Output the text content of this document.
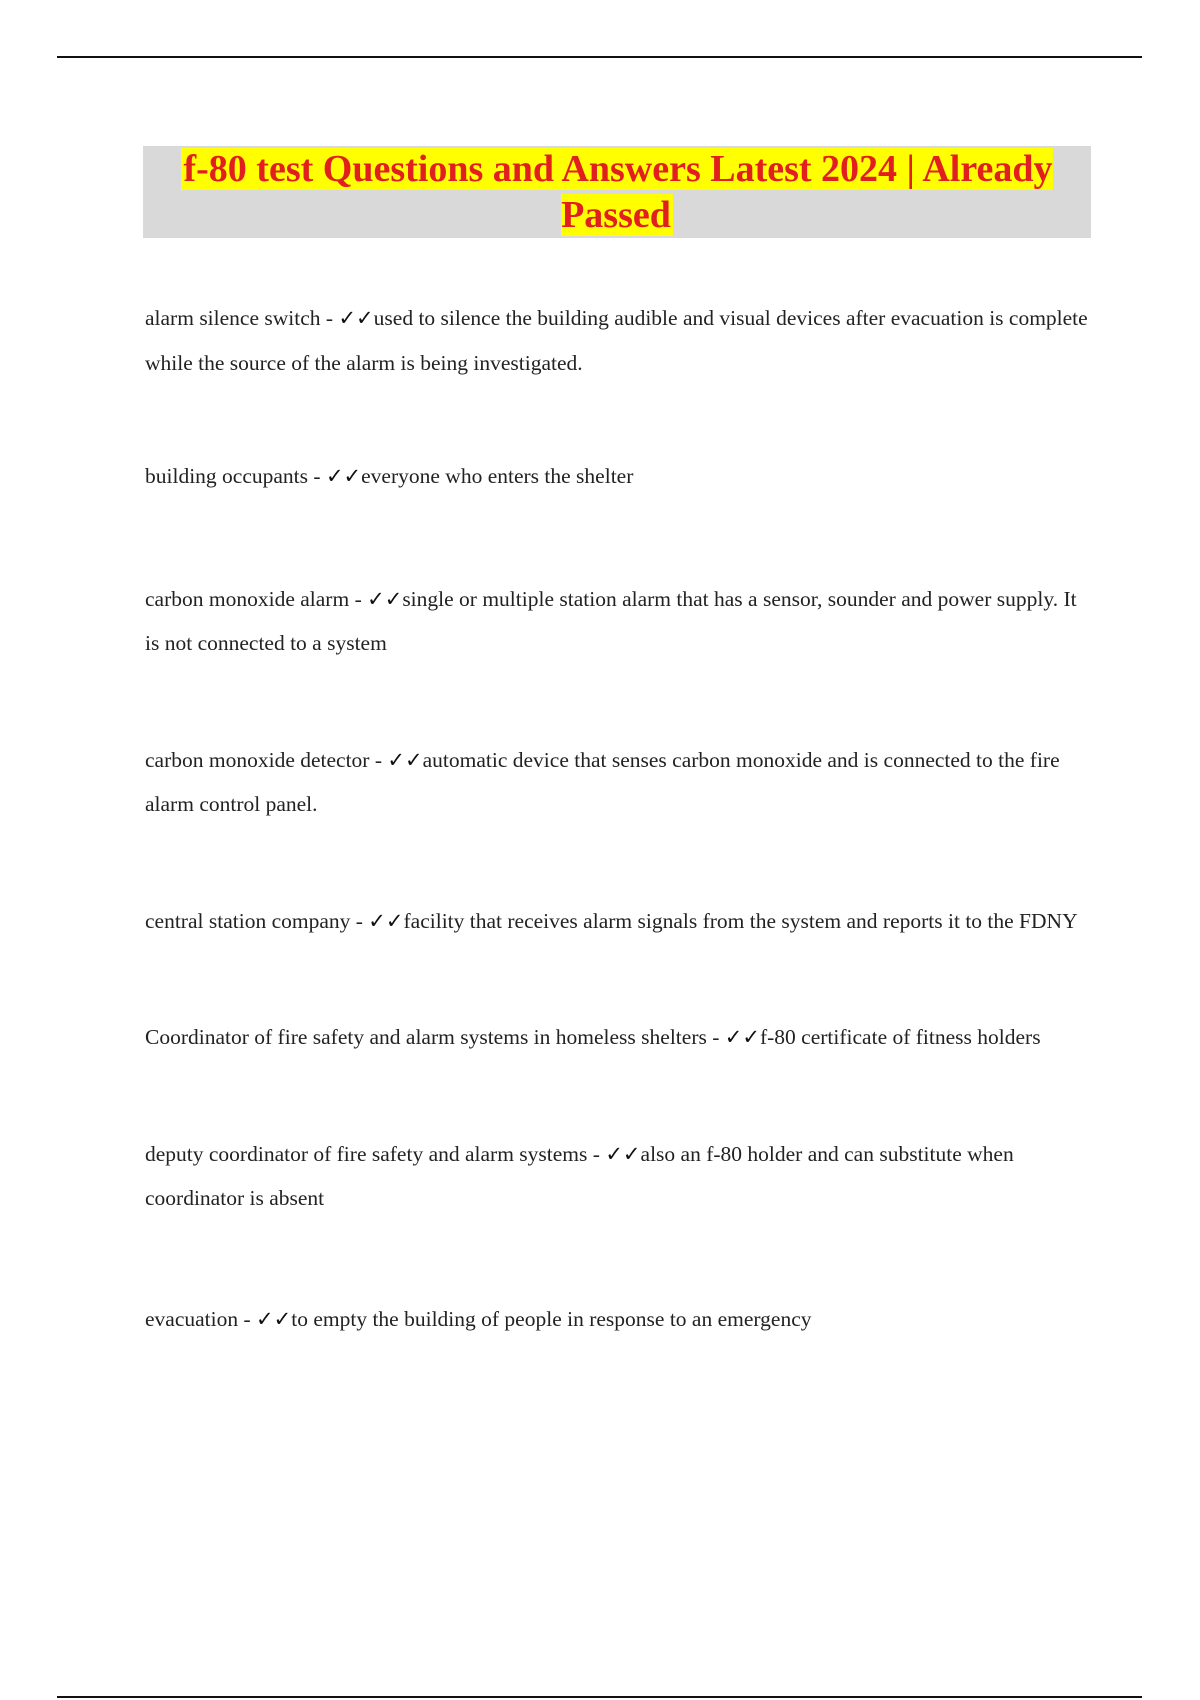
f-80 test Questions and Answers Latest 2024 | Already Passed
alarm silence switch - ✓✓used to silence the building audible and visual devices after evacuation is complete while the source of the alarm is being investigated.
building occupants - ✓✓everyone who enters the shelter
carbon monoxide alarm - ✓✓single or multiple station alarm that has a sensor, sounder and power supply. It is not connected to a system
carbon monoxide detector - ✓✓automatic device that senses carbon monoxide and is connected to the fire alarm control panel.
central station company - ✓✓facility that receives alarm signals from the system and reports it to the FDNY
Coordinator of fire safety and alarm systems in homeless shelters - ✓✓f-80 certificate of fitness holders
deputy coordinator of fire safety and alarm systems - ✓✓also an f-80 holder and can substitute when coordinator is absent
evacuation - ✓✓to empty the building of people in response to an emergency
